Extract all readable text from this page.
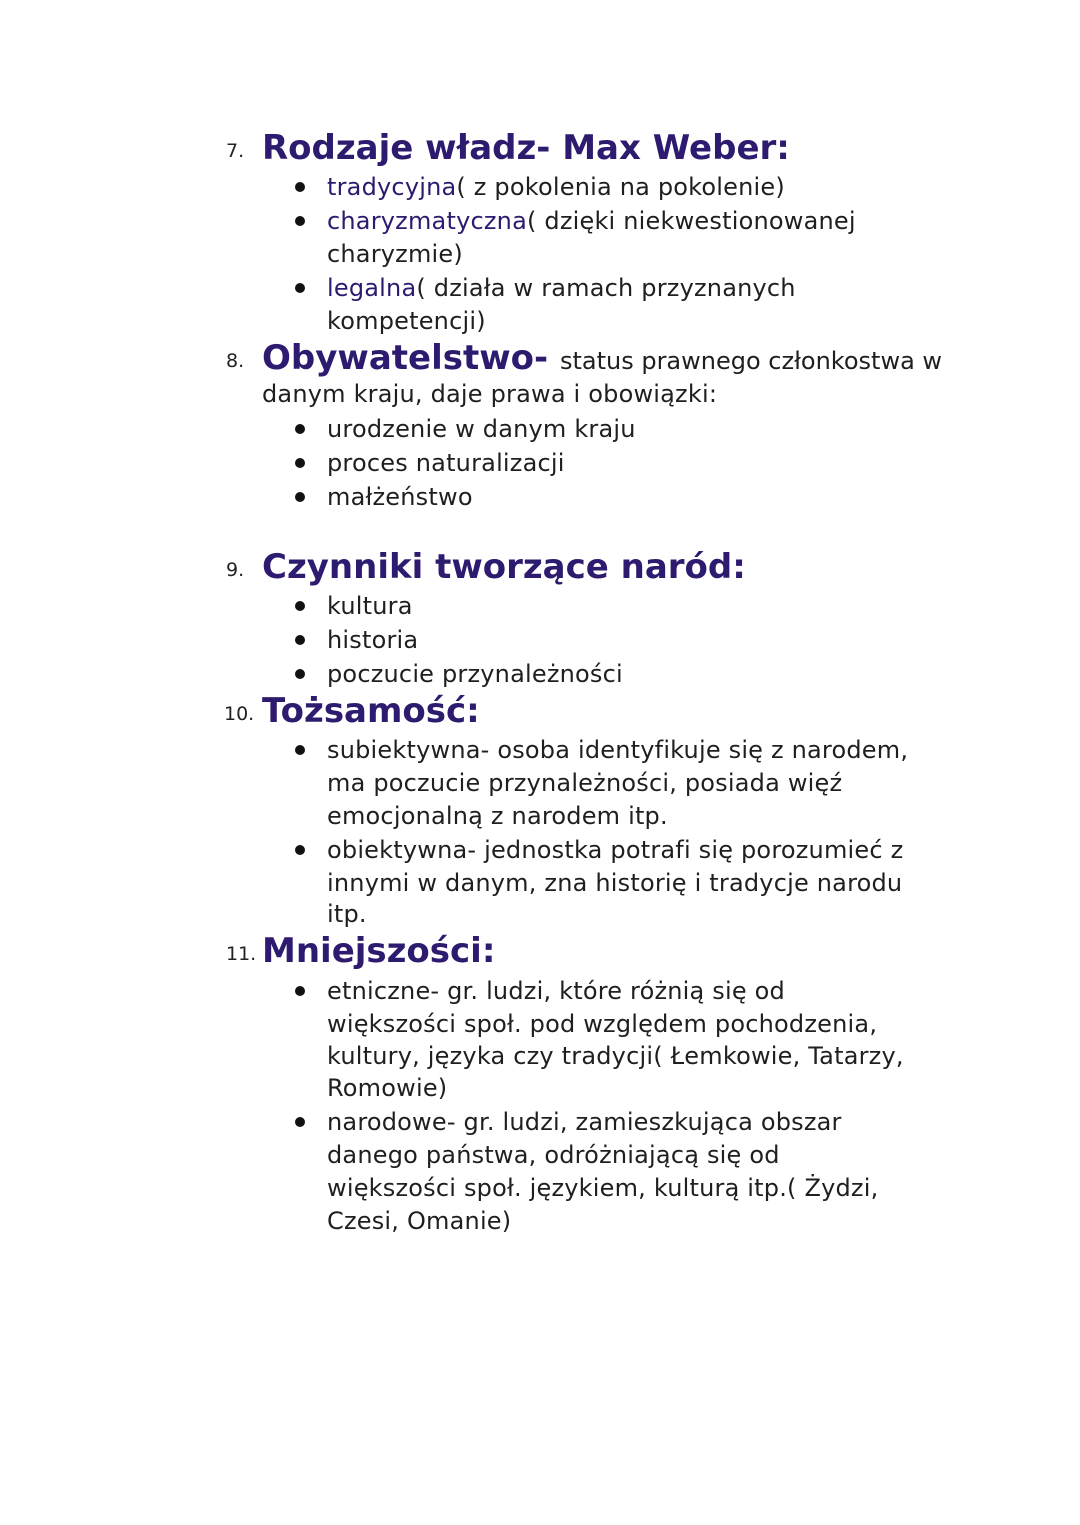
7. Rodzaje władz- Max Weber:
tradycyjna( z pokolenia na pokolenie)
charyzmatyczna( dzięki niekwestionowanej
charyzmie)
legalna( działa w ramach przyznanych
kompetencji)
8. Obywatelstwo- status prawnego członkostwa w
danym kraju, daje prawa i obowiązki:
urodzenie w danym kraju
proces naturalizacji
małżeństwo
9. Czynniki tworzące naród:
kultura
historia
poczucie przynależności
10. Tożsamość:
subiektywna- osoba identyfikuje się z narodem,
ma poczucie przynależności, posiada więź
emocjonalną z narodem itp.
obiektywna- jednostka potrafi się porozumieć z
innymi w danym, zna historię i tradycje narodu
itp.
11. Mniejszości:
etniczne- gr. ludzi, które różnią się od
większości społ. pod względem pochodzenia,
kultury, języka czy tradycji( Łemkowie, Tatarzy,
Romowie)
narodowe- gr. ludzi, zamieszkująca obszar
danego państwa, odróżniającą się od
większości społ. językiem, kulturą itp.( Żydzi,
Czesi, Omanie)
